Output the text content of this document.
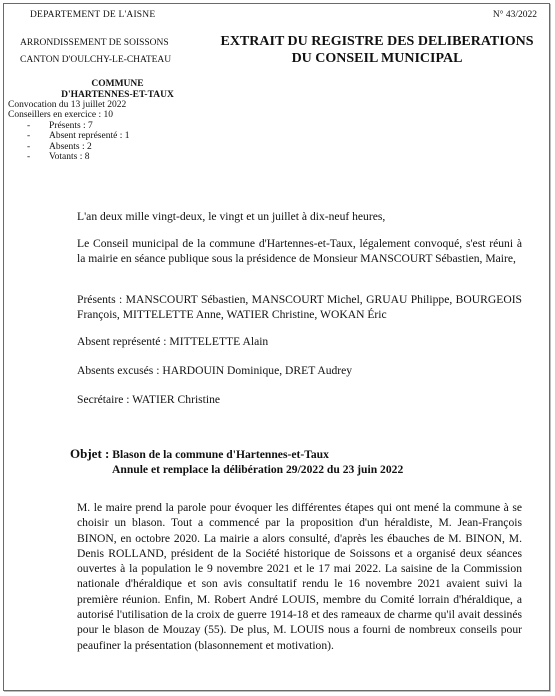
DEPARTEMENT DE L'AISNE	N° 43/2022
ARRONDISSEMENT DE SOISSONS
CANTON D'OULCHY-LE-CHATEAU
EXTRAIT DU REGISTRE DES DELIBERATIONS
DU CONSEIL MUNICIPAL
COMMUNE
D'HARTENNES-ET-TAUX
Convocation du 13 juillet 2022
Conseillers en exercice : 10
- Présents : 7
- Absent représenté : 1
- Absents : 2
- Votants : 8
L'an deux mille vingt-deux, le vingt et un juillet à dix-neuf heures,
Le Conseil municipal de la commune d'Hartennes-et-Taux, légalement convoqué, s'est réuni à la mairie en séance publique sous la présidence de Monsieur MANSCOURT Sébastien, Maire,
Présents : MANSCOURT Sébastien, MANSCOURT Michel, GRUAU Philippe, BOURGEOIS François, MITTELETTE Anne, WATIER Christine, WOKAN Éric
Absent représenté : MITTELETTE Alain
Absents excusés : HARDOUIN Dominique, DRET Audrey
Secrétaire : WATIER Christine
Objet : Blason de la commune d'Hartennes-et-Taux
Annule et remplace la délibération 29/2022 du 23 juin 2022
M. le maire prend la parole pour évoquer les différentes étapes qui ont mené la commune à se choisir un blason. Tout a commencé par la proposition d'un héraldiste, M. Jean-François BINON, en octobre 2020. La mairie a alors consulté, d'après les ébauches de M. BINON, M. Denis ROLLAND, président de la Société historique de Soissons et a organisé deux séances ouvertes à la population le 9 novembre 2021 et le 17 mai 2022. La saisine de la Commission nationale d'héraldique et son avis consultatif rendu le 16 novembre 2021 avaient suivi la première réunion. Enfin, M. Robert André LOUIS, membre du Comité lorrain d'héraldique, a autorisé l'utilisation de la croix de guerre 1914-18 et des rameaux de charme qu'il avait dessinés pour le blason de Mouzay (55). De plus, M. LOUIS nous a fourni de nombreux conseils pour peaufiner la présentation (blasonnement et motivation).
